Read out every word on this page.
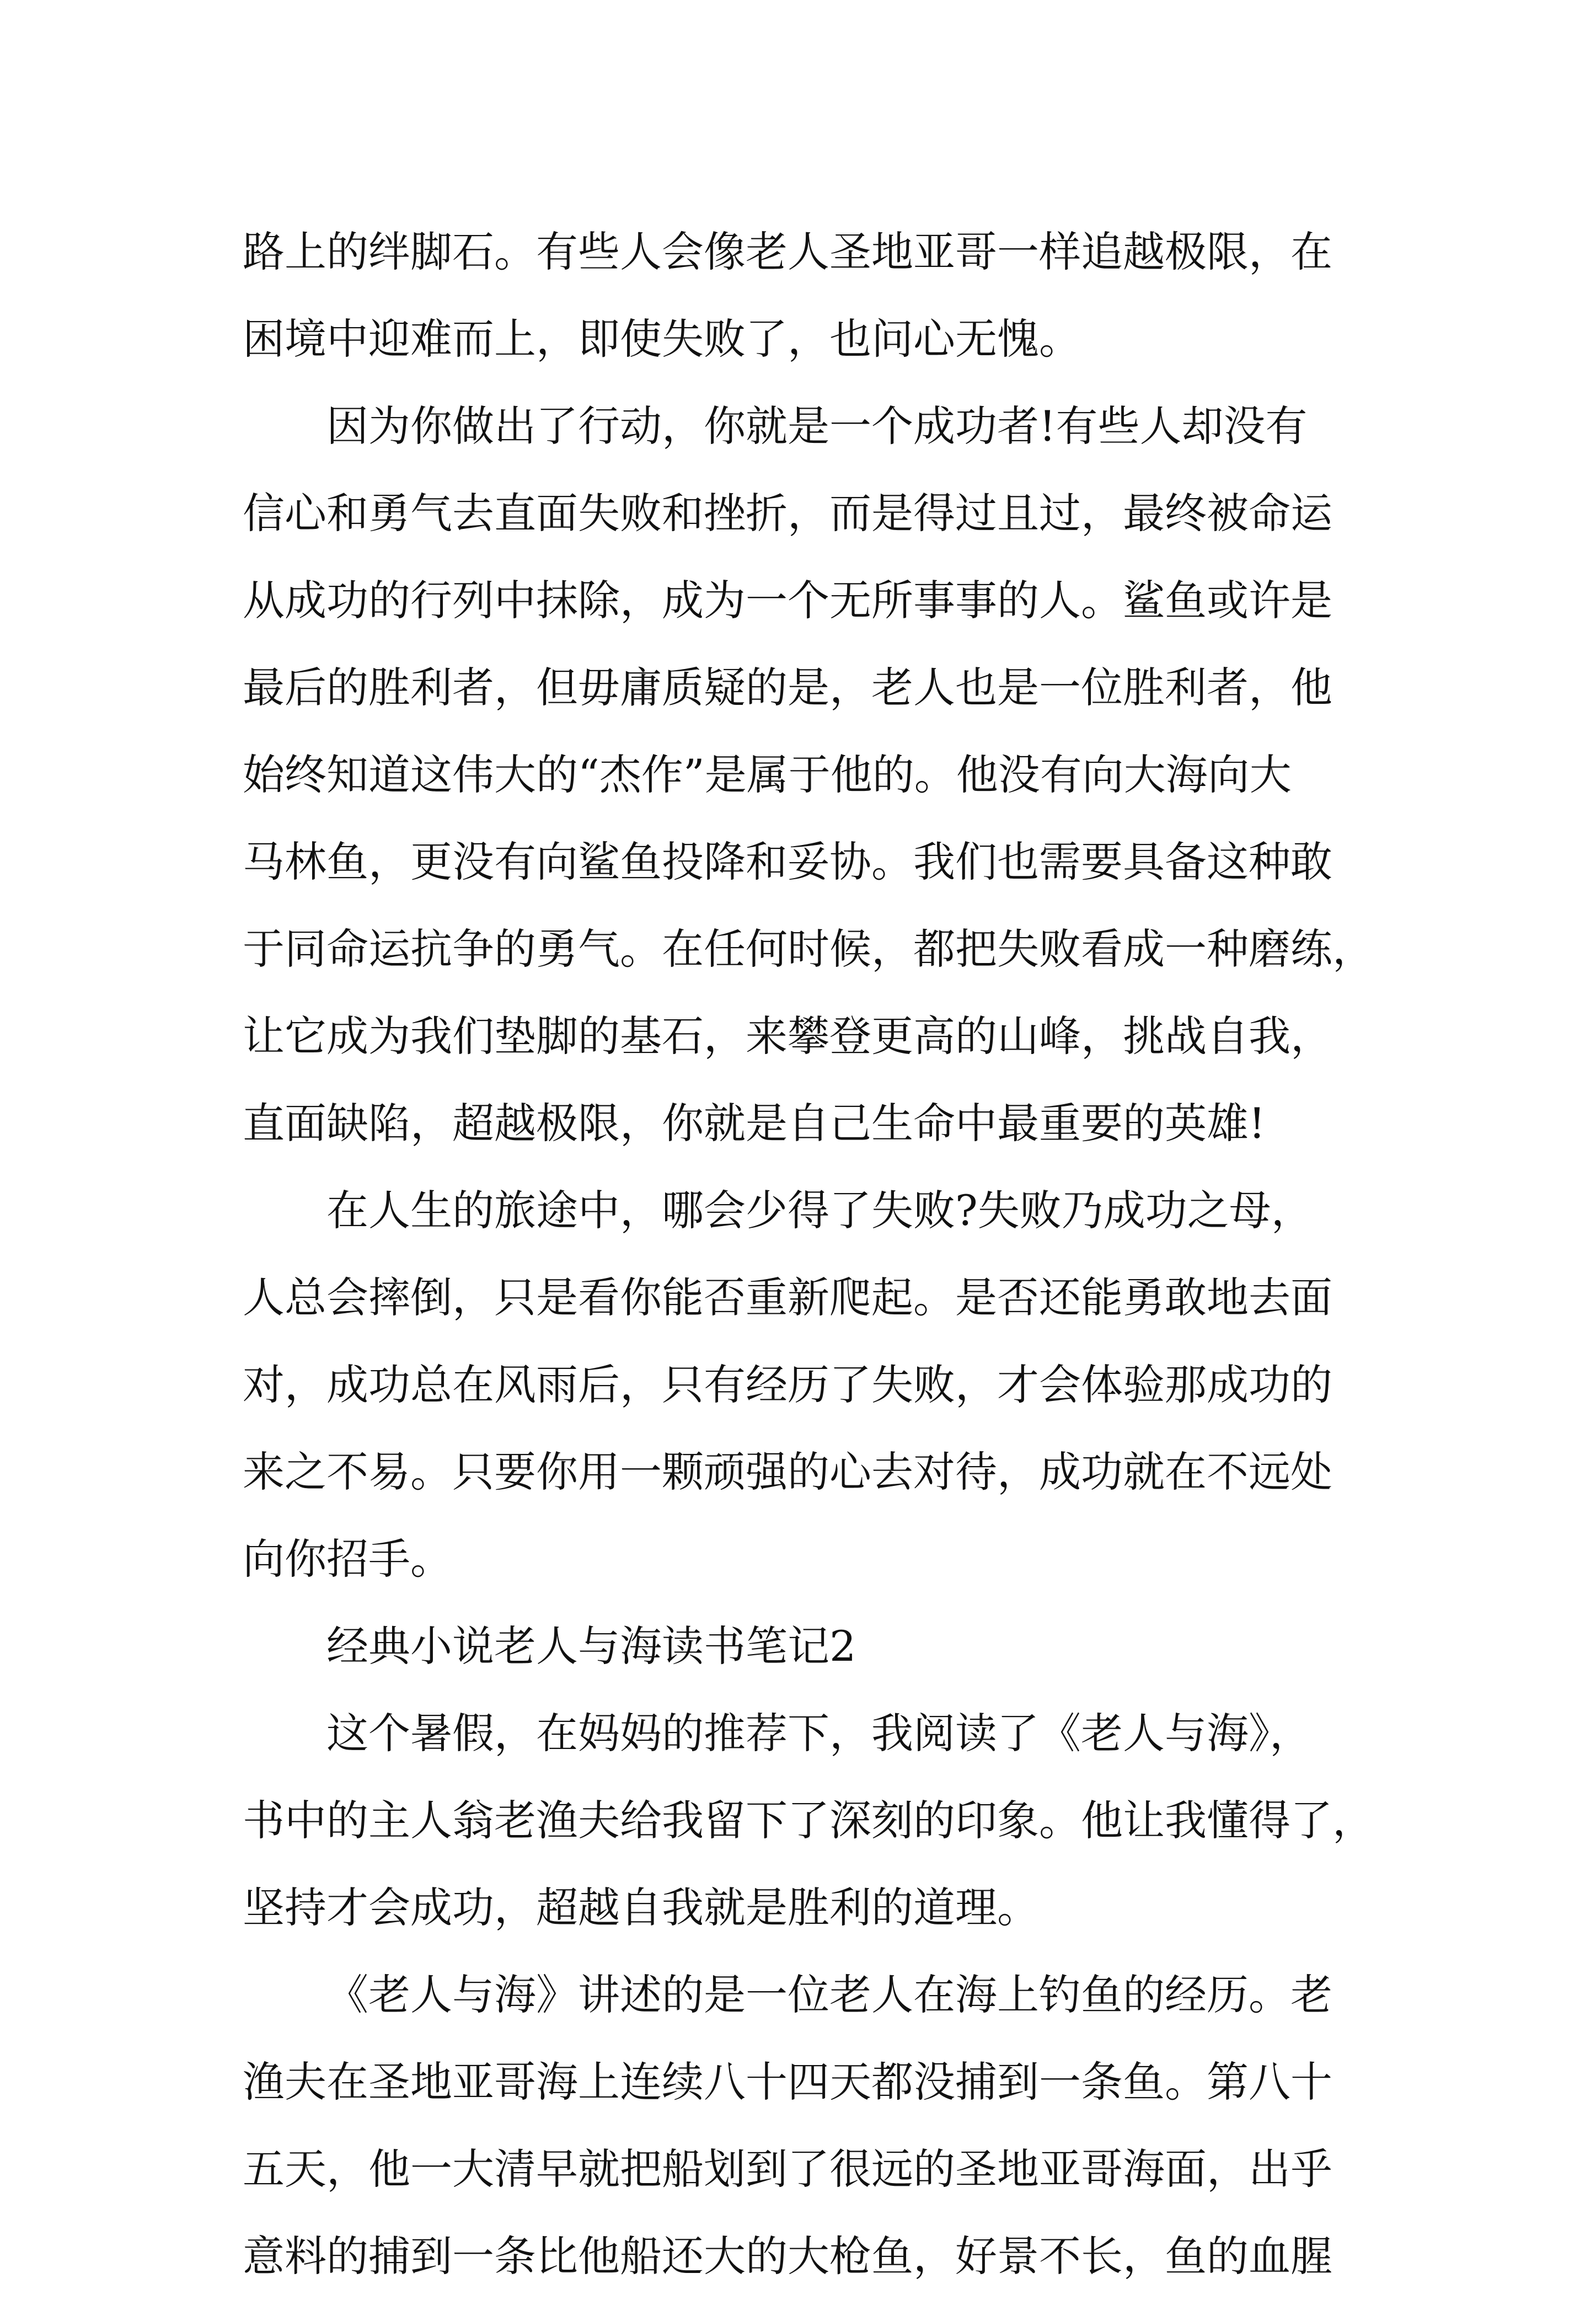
路上的绊脚石。有些人会像老人圣地亚哥一样追越极限，在
困境中迎难而上，即使失败了，也问心无愧。
因为你做出了行动，你就是一个成功者!有些人却没有
信心和勇气去直面失败和挫折，而是得过且过，最终被命运
从成功的行列中抹除，成为一个无所事事的人。鲨鱼或许是
最后的胜利者，但毋庸质疑的是，老人也是一位胜利者，他
始终知道这伟大的“杰作”是属于他的。他没有向大海向大
马林鱼，更没有向鲨鱼投降和妥协。我们也需要具备这种敢
于同命运抗争的勇气。在任何时候，都把失败看成一种磨练，
让它成为我们垫脚的基石，来攀登更高的山峰，挑战自我，
直面缺陷，超越极限，你就是自己生命中最重要的英雄!
在人生的旅途中，哪会少得了失败?失败乃成功之母，
人总会摔倒，只是看你能否重新爬起。是否还能勇敢地去面
对，成功总在风雨后，只有经历了失败，才会体验那成功的
来之不易。只要你用一颗顽强的心去对待，成功就在不远处
向你招手。
经典小说老人与海读书笔记2
这个暑假，在妈妈的推荐下，我阅读了《老人与海》，
书中的主人翁老渔夫给我留下了深刻的印象。他让我懂得了，
坚持才会成功，超越自我就是胜利的道理。
《老人与海》讲述的是一位老人在海上钓鱼的经历。老
渔夫在圣地亚哥海上连续八十四天都没捕到一条鱼。第八十
五天，他一大清早就把船划到了很远的圣地亚哥海面，出乎
意料的捕到一条比他船还大的大枪鱼，好景不长，鱼的血腥
